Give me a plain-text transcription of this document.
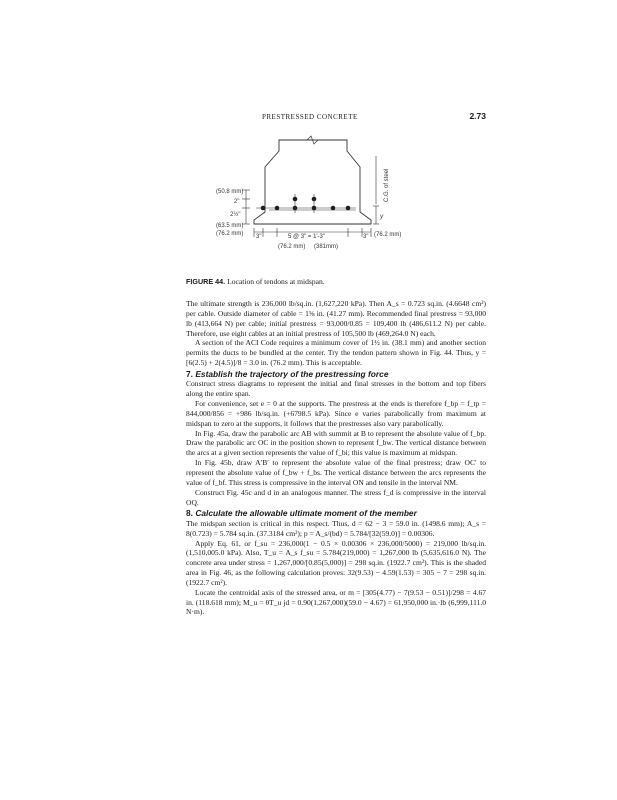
PRESTRESSED CONCRETE	2.73
(50.8 mm)
2"
2½"
(63.5 mm)
(76.2 mm) 3"	5 @ 3" = 1'-3"	3" (76.2 mm)
(76.2 mm) (381mm)
y
C.G. of steel
FIGURE 44. Location of tendons at midspan.

The ultimate strength is 236,000 lb/sq.in. (1,627,220 kPa). Then A_s = 0.723 sq.in. (4.6648 cm²) per cable. Outside diameter of cable = 1⅝ in. (41.27 mm). Recommended final prestress = 93,000 lb (413,664 N) per cable; initial prestress = 93,000/0.85 = 109,400 lb (486,611.2 N) per cable. Therefore, use eight cables at an initial prestress of 105,500 lb (469,264.0 N) each.

A section of the ACI Code requires a minimum cover of 1½ in. (38.1 mm) and another section permits the ducts to be bundled at the center. Try the tendon pattern shown in Fig. 44. Thus, y = [6(2.5) + 2(4.5)]/8 = 3.0 in. (76.2 mm). This is acceptable.

7. Establish the trajectory of the prestressing force

Construct stress diagrams to represent the initial and final stresses in the bottom and top fibers along the entire span.

For convenience, set e = 0 at the supports. The prestress at the ends is therefore f_bp = f_tp = 844,000/856 = +986 lb/sq.in. (+6798.5 kPa). Since e varies parabolically from maximum at midspan to zero at the supports, it follows that the prestresses also vary parabolically.

In Fig. 45a, draw the parabolic arc AB with summit at B to represent the absolute value of f_bp. Draw the parabolic arc OC in the position shown to represent f_bw. The vertical distance between the arcs at a given section represents the value of f_bi; this value is maximum at midspan.

In Fig. 45b, draw A′B′ to represent the absolute value of the final prestress; draw OC′ to represent the absolute value of f_bw + f_bs. The vertical distance between the arcs represents the value of f_bf. This stress is compressive in the interval ON and tensile in the interval NM.

Construct Fig. 45c and d in an analogous manner. The stress f_d is compressive in the interval OQ.

8. Calculate the allowable ultimate moment of the member

The midspan section is critical in this respect. Thus, d = 62 − 3 = 59.0 in. (1498.6 mm); A_s = 8(0.723) = 5.784 sq.in. (37.3184 cm²); p = A_s/(bd) = 5.784/[32(59.0)] = 0.00306.

Apply Eq. 61, or f_su = 236,000(1 − 0.5 × 0.00306 × 236,000/5000) = 219,000 lb/sq.in. (1,510,005.0 kPa). Also, T_u = A_s f_su = 5.784(219,000) = 1,267,000 lb (5,635,616.0 N). The concrete area under stress = 1,267,000/[0.85(5,000)] = 298 sq.in. (1922.7 cm²). This is the shaded area in Fig. 46, as the following calculation proves: 32(9.53) − 4.59(1.53) = 305 − 7 = 298 sq.in. (1922.7 cm²).

Locate the centroidal axis of the stressed area, or m = [305(4.77) − 7(9.53 − 0.51)]/298 = 4.67 in. (118.618 mm); M_u = θT_u jd = 0.90(1,267,000)(59.0 − 4.67) = 61,950,000 in.·lb (6,999,111.0 N·m).
